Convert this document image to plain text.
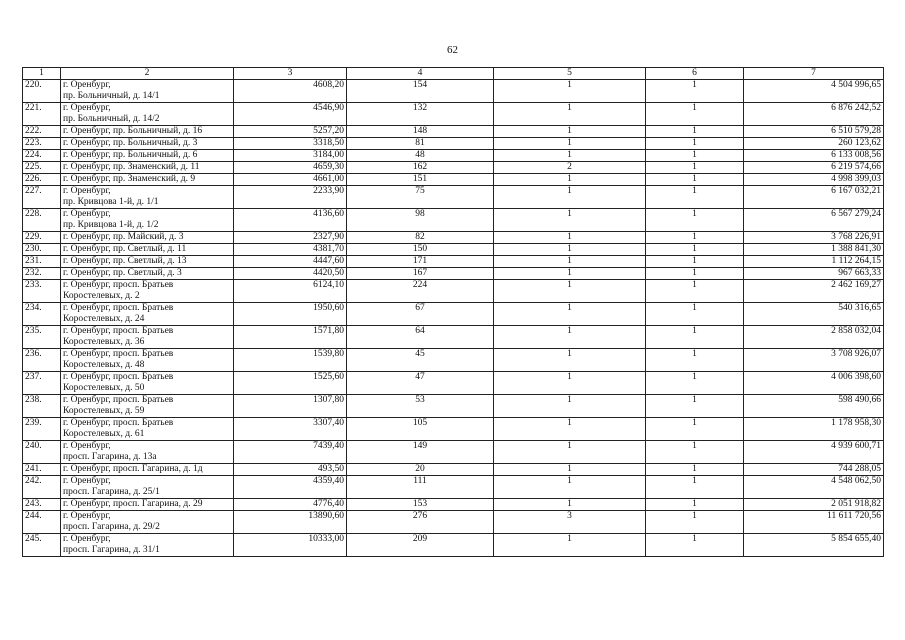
62
1	2	3	4	5	6	7
220.	г. Оренбург,
пр. Больничный, д. 14/1	4608,20	154	1	1	4 504 996,65
221.	г. Оренбург,
пр. Больничный, д. 14/2	4546,90	132	1	1	6 876 242,52
222.	г. Оренбург, пр. Больничный, д. 16	5257,20	148	1	1	6 510 579,28
223.	г. Оренбург, пр. Больничный, д. 3	3318,50	81	1	1	260 123,62
224.	г. Оренбург, пр. Больничный, д. 6	3184,00	48	1	1	6 133 008,56
225.	г. Оренбург, пр. Знаменский, д. 11	4659,30	162	2	1	6 219 574,66
226.	г. Оренбург, пр. Знаменский, д. 9	4661,00	151	1	1	4 998 399,03
227.	г. Оренбург,
пр. Кривцова 1-й, д. 1/1	2233,90	75	1	1	6 167 032,21
228.	г. Оренбург,
пр. Кривцова 1-й, д. 1/2	4136,60	98	1	1	6 567 279,24
229.	г. Оренбург, пр. Майский, д. 3	2327,90	82	1	1	3 768 226,91
230.	г. Оренбург, пр. Светлый, д. 11	4381,70	150	1	1	1 388 841,30
231.	г. Оренбург, пр. Светлый, д. 13	4447,60	171	1	1	1 112 264,15
232.	г. Оренбург, пр. Светлый, д. 3	4420,50	167	1	1	967 663,33
233.	г. Оренбург, просп. Братьев
Коростелевых, д. 2	6124,10	224	1	1	2 462 169,27
234.	г. Оренбург, просп. Братьев
Коростелевых, д. 24	1950,60	67	1	1	540 316,65
235.	г. Оренбург, просп. Братьев
Коростелевых, д. 36	1571,80	64	1	1	2 858 032,04
236.	г. Оренбург, просп. Братьев
Коростелевых, д. 48	1539,80	45	1	1	3 708 926,07
237.	г. Оренбург, просп. Братьев
Коростелевых, д. 50	1525,60	47	1	1	4 006 398,60
238.	г. Оренбург, просп. Братьев
Коростелевых, д. 59	1307,80	53	1	1	598 490,66
239.	г. Оренбург, просп. Братьев
Коростелевых, д. 61	3307,40	105	1	1	1 178 958,30
240.	г. Оренбург,
просп. Гагарина, д. 13а	7439,40	149	1	1	4 939 600,71
241.	г. Оренбург, просп. Гагарина, д. 1д	493,50	20	1	1	744 288,05
242.	г. Оренбург,
просп. Гагарина, д. 25/1	4359,40	111	1	1	4 548 062,50
243.	г. Оренбург, просп. Гагарина, д. 29	4776,40	153	1	1	2 051 918,82
244.	г. Оренбург,
просп. Гагарина, д. 29/2	13890,60	276	3	1	11 611 720,56
245.	г. Оренбург,
просп. Гагарина, д. 31/1	10333,00	209	1	1	5 854 655,40
